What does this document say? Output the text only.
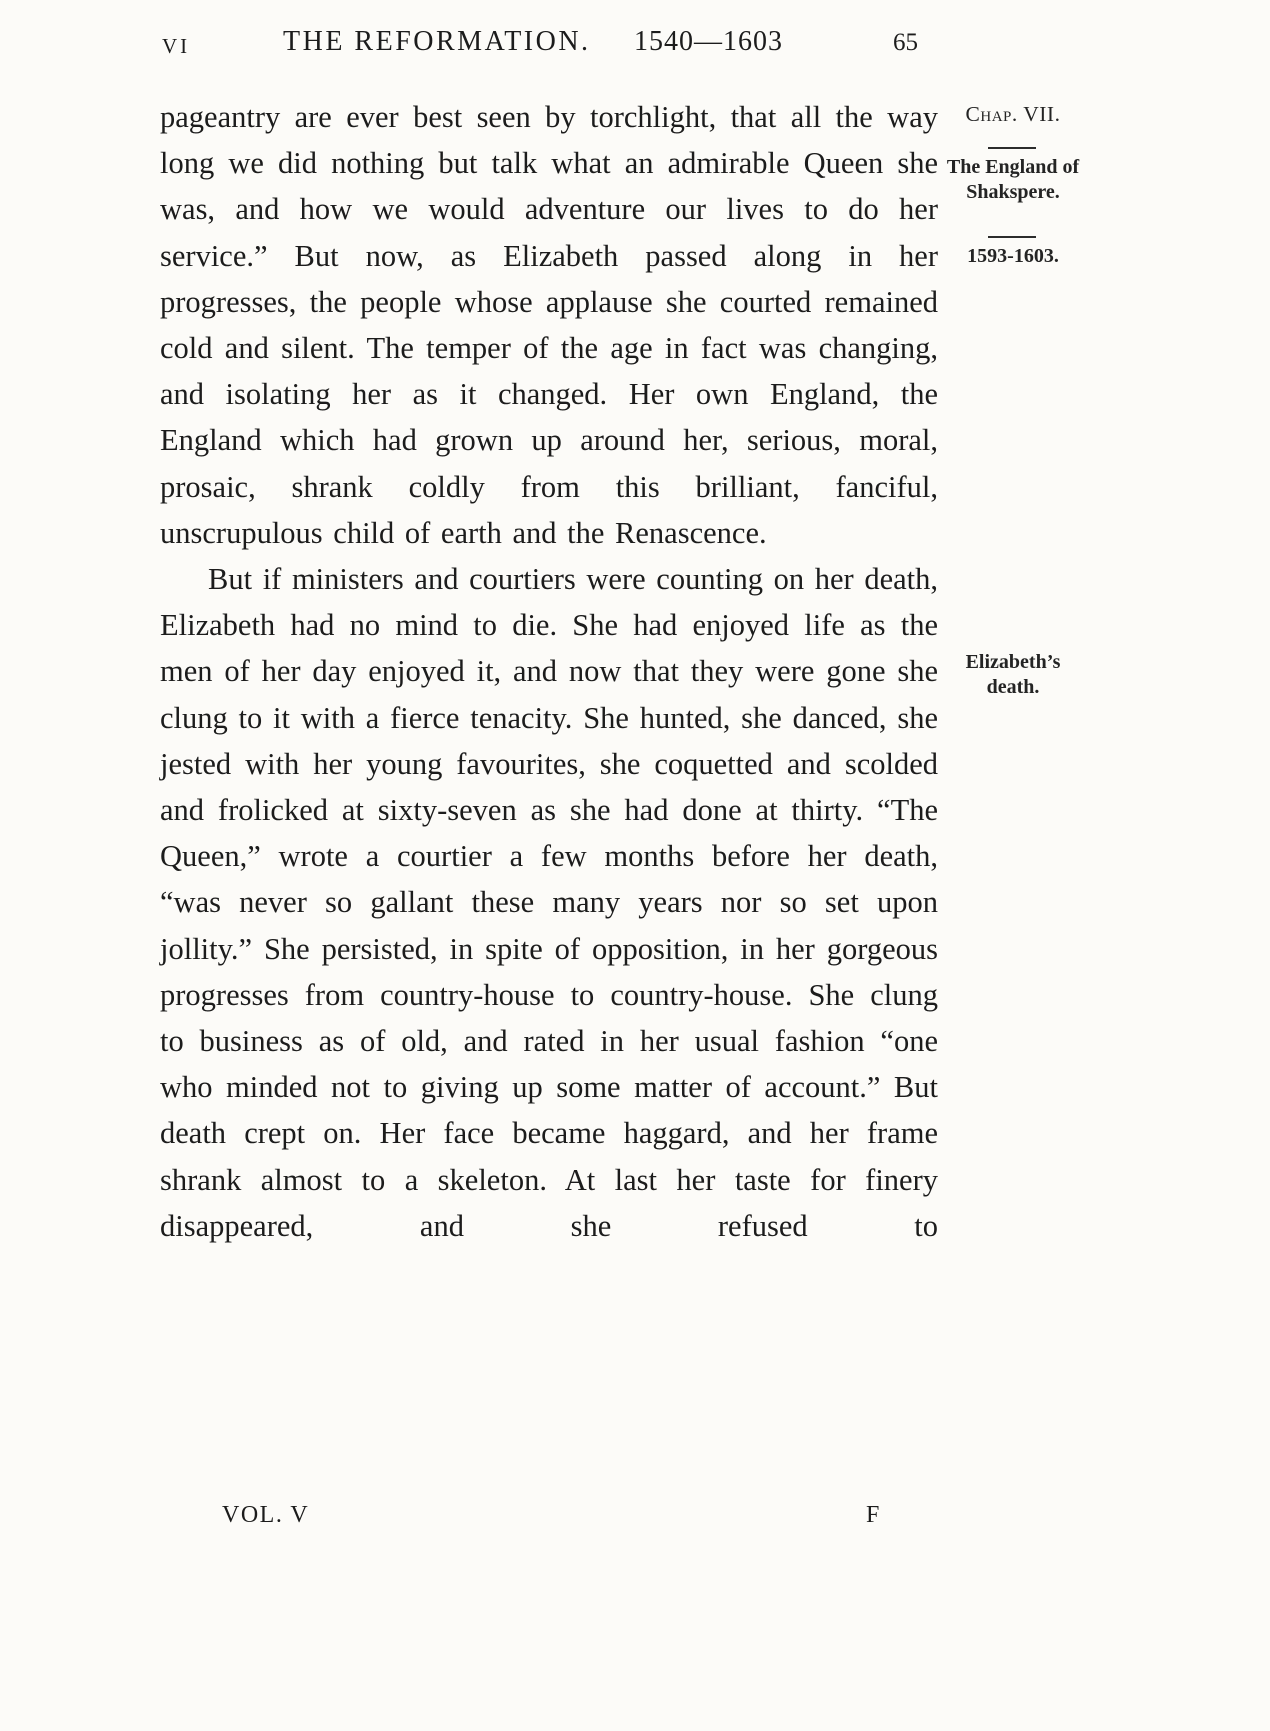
VI	THE REFORMATION. 1540—1603	65

pageantry are ever best seen by torchlight, that all the way long we did nothing but talk what an admirable Queen she was, and how we would adventure our lives to do her service.” But now, as Elizabeth passed along in her progresses, the people whose applause she courted remained cold and silent. The temper of the age in fact was changing, and isolating her as it changed. Her own England, the England which had grown up around her, serious, moral, prosaic, shrank coldly from this brilliant, fanciful, unscrupulous child of earth and the Renascence.

But if ministers and courtiers were counting on her death, Elizabeth had no mind to die. She had enjoyed life as the men of her day enjoyed it, and now that they were gone she clung to it with a fierce tenacity. She hunted, she danced, she jested with her young favourites, she coquetted and scolded and frolicked at sixty-seven as she had done at thirty. “The Queen,” wrote a courtier a few months before her death, “was never so gallant these many years nor so set upon jollity.” She persisted, in spite of opposition, in her gorgeous progresses from country-house to country-house. She clung to business as of old, and rated in her usual fashion “one who minded not to giving up some matter of account.” But death crept on. Her face became haggard, and her frame shrank almost to a skeleton. At last her taste for finery disappeared, and she refused to

Chap. VII.
The England of Shakspere.
1593-1603.
Elizabeth’s death.
VOL. V	F
